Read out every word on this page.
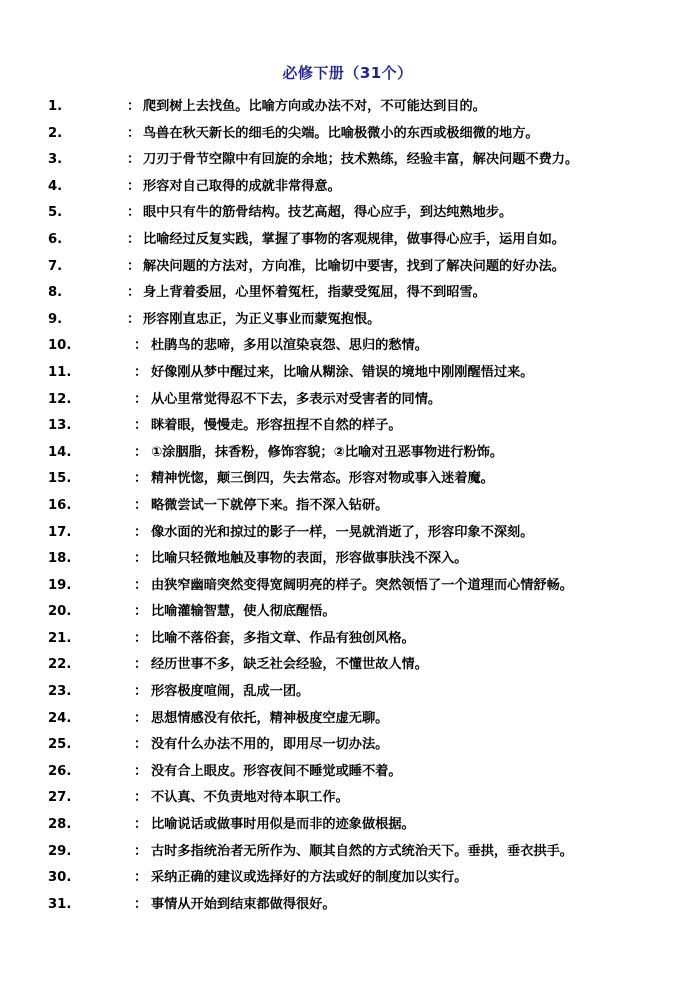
必修下册（31个）
1.	： 爬到树上去找鱼。比喻方向或办法不对，不可能达到目的。
2.	： 鸟兽在秋天新长的细毛的尖端。比喻极微小的东西或极细微的地方。
3.	： 刀刃于骨节空隙中有回旋的余地；技术熟练，经验丰富，解决问题不费力。
4.	： 形容对自己取得的成就非常得意。
5.	： 眼中只有牛的筋骨结构。技艺高超，得心应手，到达纯熟地步。
6.	： 比喻经过反复实践，掌握了事物的客观规律，做事得心应手，运用自如。
7.	： 解决问题的方法对，方向准，比喻切中要害，找到了解决问题的好办法。
8.	： 身上背着委屈，心里怀着冤枉，指蒙受冤屈，得不到昭雪。
9.	： 形容刚直忠正，为正义事业而蒙冤抱恨。
10.	： 杜鹃鸟的悲啼，多用以渲染哀怨、思归的愁情。
11.	： 好像刚从梦中醒过来，比喻从糊涂、错误的境地中刚刚醒悟过来。
12.	： 从心里常觉得忍不下去，多表示对受害者的同情。
13.	： 眯着眼，慢慢走。形容扭捏不自然的样子。
14.	： ①涂胭脂，抹香粉，修饰容貌；②比喻对丑恶事物进行粉饰。
15.	： 精神恍惚，颠三倒四，失去常态。形容对物或事入迷着魔。
16.	： 略微尝试一下就停下来。指不深入钻研。
17.	： 像水面的光和掠过的影子一样，一晃就消逝了，形容印象不深刻。
18.	： 比喻只轻微地触及事物的表面，形容做事肤浅不深入。
19.	： 由狭窄幽暗突然变得宽阔明亮的样子。突然领悟了一个道理而心情舒畅。
20.	： 比喻灌输智慧，使人彻底醒悟。
21.	： 比喻不落俗套，多指文章、作品有独创风格。
22.	： 经历世事不多，缺乏社会经验，不懂世故人情。
23.	： 形容极度喧闹，乱成一团。
24.	： 思想情感没有依托，精神极度空虚无聊。
25.	： 没有什么办法不用的，即用尽一切办法。
26.	： 没有合上眼皮。形容夜间不睡觉或睡不着。
27.	： 不认真、不负责地对待本职工作。
28.	： 比喻说话或做事时用似是而非的迹象做根据。
29.	： 古时多指统治者无所作为、顺其自然的方式统治天下。垂拱，垂衣拱手。
30.	： 采纳正确的建议或选择好的方法或好的制度加以实行。
31.	： 事情从开始到结束都做得很好。
